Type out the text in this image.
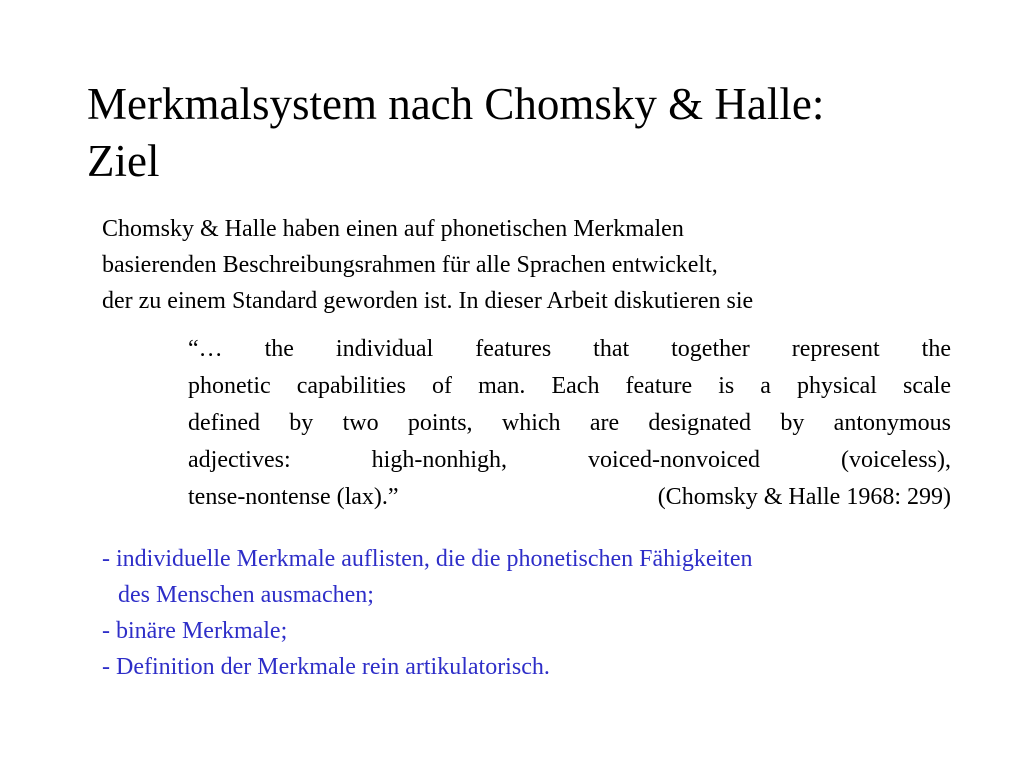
Merkmalsystem nach Chomsky & Halle:
Ziel
Chomsky & Halle haben einen auf phonetischen Merkmalen
basierenden Beschreibungsrahmen für alle Sprachen entwickelt,
der zu einem Standard geworden ist. In dieser Arbeit diskutieren sie
“… the individual features that together represent the
phonetic capabilities of man. Each feature is a physical scale
defined by two points, which are designated by antonymous
adjectives: high-nonhigh, voiced-nonvoiced (voiceless),
tense-nontense (lax).”	(Chomsky & Halle 1968: 299)
- individuelle Merkmale auflisten, die die phonetischen Fähigkeiten
des Menschen ausmachen;
- binäre Merkmale;
- Definition der Merkmale rein artikulatorisch.
